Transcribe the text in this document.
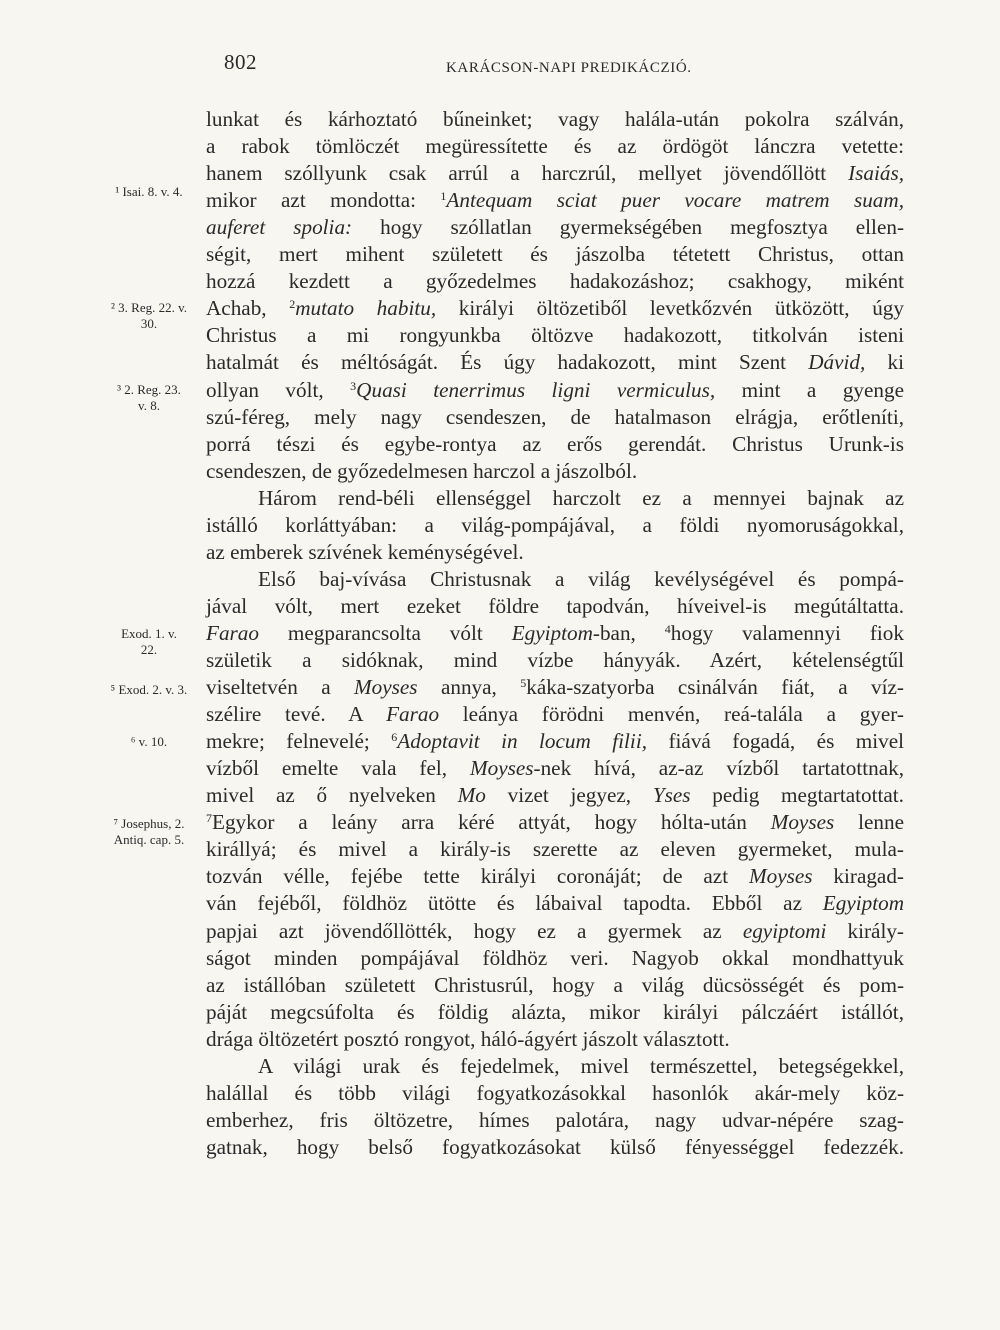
802	KARÁCSON-NAPI PREDIKÁCZIÓ.
¹ Isai. 8. v. 4.
² 3. Reg. 22. v.
30.
³ 2. Reg. 23.
v. 8.
Exod. 1. v.
22.
⁵ Exod. 2. v. 3.
⁶ v. 10.
⁷ Josephus, 2.
Antiq. cap. 5.
lunkat és kárhoztató bűneinket; vagy halála-után pokolra szálván,
a rabok tömlöczét megüressítette és az ördögöt lánczra vetette:
hanem szóllyunk csak arrúl a harczrúl, mellyet jövendőllött Isaiás,
mikor azt mondotta: $^1$Antequam sciat puer vocare matrem suam,
auferet spolia: hogy szóllatlan gyermekségében megfosztya ellen-
ségit, mert mihent született és jászolba tétetett Christus, ottan
hozzá kezdett a győzedelmes hadakozáshoz; csakhogy, miként
Achab, $^2$mutato habitu, királyi öltözetiből levetkőzvén ütközött, úgy
Christus a mi rongyunkba öltözve hadakozott, titkolván isteni
hatalmát és méltóságát. És úgy hadakozott, mint Szent Dávid, ki
ollyan vólt, $^3$Quasi tenerrimus ligni vermiculus, mint a gyenge
szú-féreg, mely nagy csendeszen, de hatalmason elrágja, erőtleníti,
porrá tészi és egybe-rontya az erős gerendát. Christus Urunk-is
csendeszen, de győzedelmesen harczol a jászolból.
Három rend-béli ellenséggel harczolt ez a mennyei bajnak az
istálló korláttyában: a világ-pompájával, a földi nyomoruságokkal,
az emberek szívének keménységével.
Első baj-vívása Christusnak a világ kevélységével és pompá-
jával vólt, mert ezeket földre tapodván, híveivel-is megútáltatta.
Farao megparancsolta vólt Egyiptom-ban, $^4$hogy valamennyi fiok
születik a sidóknak, mind vízbe hányyák. Azért, kételenségtűl
viseltetvén a Moyses annya, $^5$káka-szatyorba csinálván fiát, a víz-
szélire tevé. A Farao leánya förödni menvén, reá-talála a gyer-
mekre; felnevelé; $^6$Adoptavit in locum filii, fiává fogadá, és mivel
vízből emelte vala fel, Moyses-nek hívá, az-az vízből tartatottnak,
mivel az ő nyelveken Mo vizet jegyez, Yses pedig megtartatottat.
$^7$Egykor a leány arra kéré attyát, hogy hólta-után Moyses lenne
királlyá; és mivel a király-is szerette az eleven gyermeket, mula-
tozván vélle, fejébe tette királyi coronáját; de azt Moyses kiragad-
ván fejéből, földhöz ütötte és lábaival tapodta. Ebből az Egyiptom
papjai azt jövendőllötték, hogy ez a gyermek az egyiptomi király-
ságot minden pompájával földhöz veri. Nagyob okkal mondhattyuk
az istállóban született Christusrúl, hogy a világ dücsösségét és pom-
páját megcsúfolta és földig alázta, mikor királyi pálczáért istállót,
drága öltözetért posztó rongyot, háló-ágyért jászolt választott.
A világi urak és fejedelmek, mivel természettel, betegségekkel,
halállal és több világi fogyatkozásokkal hasonlók akár-mely köz-
emberhez, fris öltözetre, hímes palotára, nagy udvar-népére szag-
gatnak, hogy belső fogyatkozásokat külső fényességgel fedezzék.
